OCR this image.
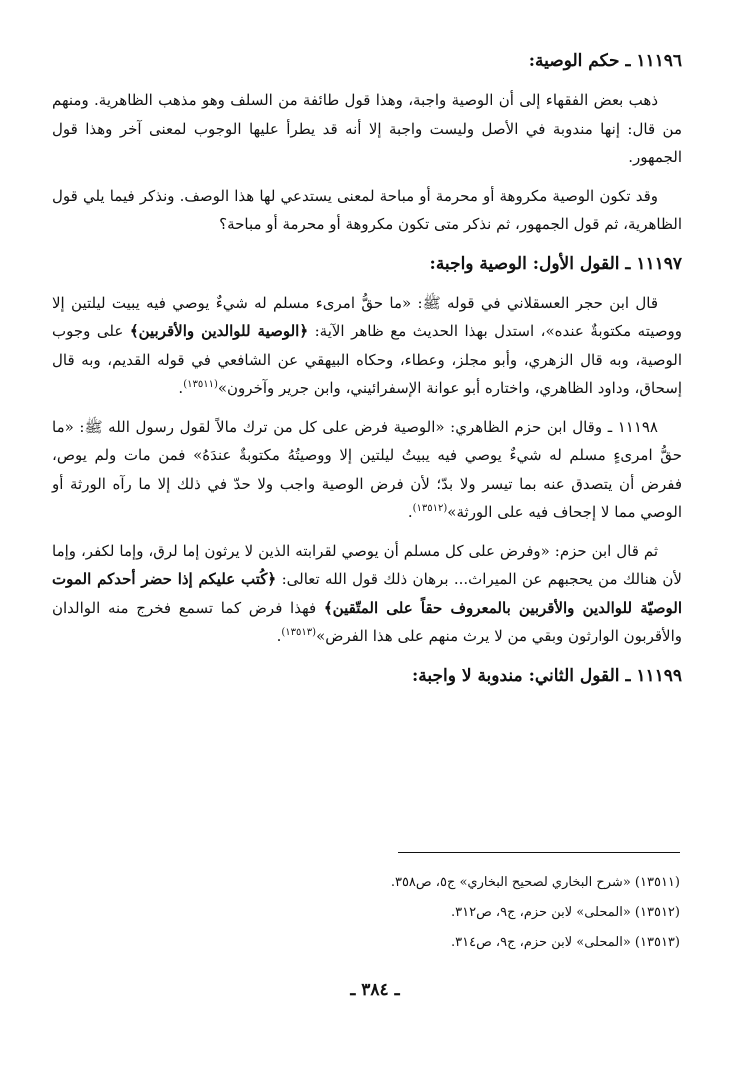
١١١٩٦ ـ حكم الوصية:

ذهب بعض الفقهاء إلى أن الوصية واجبة، وهذا قول طائفة من السلف وهو مذهب الظاهرية. ومنهم من قال: إنها مندوبة في الأصل وليست واجبة إلا أنه قد يطرأ عليها الوجوب لمعنى آخر وهذا قول الجمهور.

وقد تكون الوصية مكروهة أو محرمة أو مباحة لمعنى يستدعي لها هذا الوصف. ونذكر فيما يلي قول الظاهرية، ثم قول الجمهور، ثم نذكر متى تكون مكروهة أو محرمة أو مباحة؟

١١١٩٧ ـ القول الأول: الوصية واجبة:

قال ابن حجر العسقلاني في قوله ﷺ: «ما حقُّ امرىء مسلم له شيءٌ يوصي فيه يبيت ليلتين إلا ووصيته مكتوبةٌ عنده»، استدل بهذا الحديث مع ظاهر الآية: ﴿الوصية للوالدين والأقربين﴾ على وجوب الوصية، وبه قال الزهري، وأبو مجلز، وعطاء، وحكاه البيهقي عن الشافعي في قوله القديم، وبه قال إسحاق، وداود الظاهري، واختاره أبو عوانة الإسفرائيني، وابن جرير وآخرون»$^{(١٣٥١١)}$.

١١١٩٨ ـ وقال ابن حزم الظاهري: «الوصية فرض على كل من ترك مالاً لقول رسول الله ﷺ: «ما حقُّ امرىءٍ مسلم له شيءٌ يوصي فيه يبيتُ ليلتين إلا ووصيتُهُ مكتوبةٌ عندَهُ» فمن مات ولم يوص، ففرض أن يتصدق عنه بما تيسر ولا بدّ؛ لأن فرض الوصية واجب ولا حدّ في ذلك إلا ما رآه الورثة أو الوصي مما لا إجحاف فيه على الورثة»$^{(١٣٥١٢)}$.

ثم قال ابن حزم: «وفرض على كل مسلم أن يوصي لقرابته الذين لا يرثون إما لرق، وإما لكفر، وإما لأن هنالك من يحجبهم عن الميراث... برهان ذلك قول الله تعالى: ﴿كُتب عليكم إذا حضر أحدكم الموت الوصيّة للوالدين والأقربين بالمعروف حقاً على المتّقين﴾ فهذا فرض كما تسمع فخرج منه الوالدان والأقربون الوارثون وبقي من لا يرث منهم على هذا الفرض»$^{(١٣٥١٣)}$.

١١١٩٩ ـ القول الثاني: مندوبة لا واجبة:

(١٣٥١١) «شرح البخاري لصحيح البخاري» ج٥، ص٣٥٨.

(١٣٥١٢) «المحلى» لابن حزم، ج٩، ص٣١٢.

(١٣٥١٣) «المحلى» لابن حزم، ج٩، ص٣١٤.

ـ ٣٨٤ ـ
